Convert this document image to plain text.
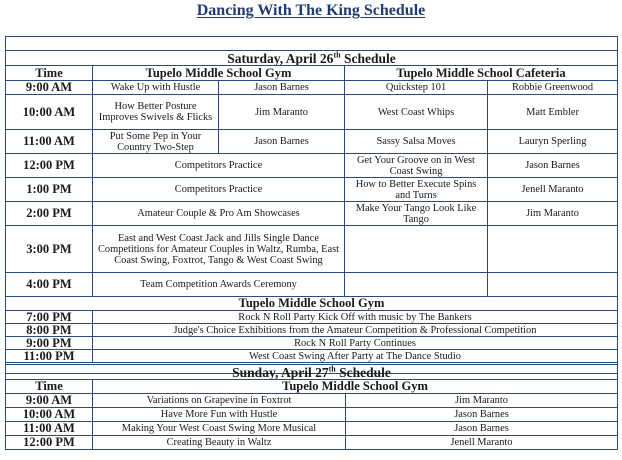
Dancing With The King Schedule

Saturday, April 26th Schedule				
Time	Tupelo Middle School Gym		Tupelo Middle School Cafeteria	
9:00 AM	Wake Up with Hustle	Jason Barnes	Quickstep 101	Robbie Greenwood
10:00 AM	How Better Posture Improves Swivels & Flicks	Jim Maranto	West Coast Whips	Matt Embler
11:00 AM	Put Some Pep in Your Country Two-Step	Jason Barnes	Sassy Salsa Moves	Lauryn Sperling
12:00 PM	Competitors Practice		Get Your Groove on in West Coast Swing	Jason Barnes
1:00 PM	Competitors Practice		How to Better Execute Spins and Turns	Jenell Maranto
2:00 PM	Amateur Couple & Pro Am Showcases		Make Your Tango Look Like Tango	Jim Maranto
3:00 PM	East and West Coast Jack and Jills Single Dance Competitions for Amateur Couples in Waltz, Rumba, East Coast Swing, Foxtrot, Tango & West Coast Swing			
4:00 PM	Team Competition Awards Ceremony			
Tupelo Middle School Gym				
7:00 PM	Rock N Roll Party Kick Off with music by The Bankers			
8:00 PM	Judge's Choice Exhibitions from the Amateur Competition & Professional Competition			
9:00 PM	Rock N Roll Party Continues			
11:00 PM	West Coast Swing After Party at The Dance Studio			

Sunday, April 27th Schedule		
Time	Tupelo Middle School Gym	
9:00 AM	Variations on Grapevine in Foxtrot	Jim Maranto
10:00 AM	Have More Fun with Hustle	Jason Barnes
11:00 AM	Making Your West Coast Swing More Musical	Jason Barnes
12:00 PM	Creating Beauty in Waltz	Jenell Maranto
